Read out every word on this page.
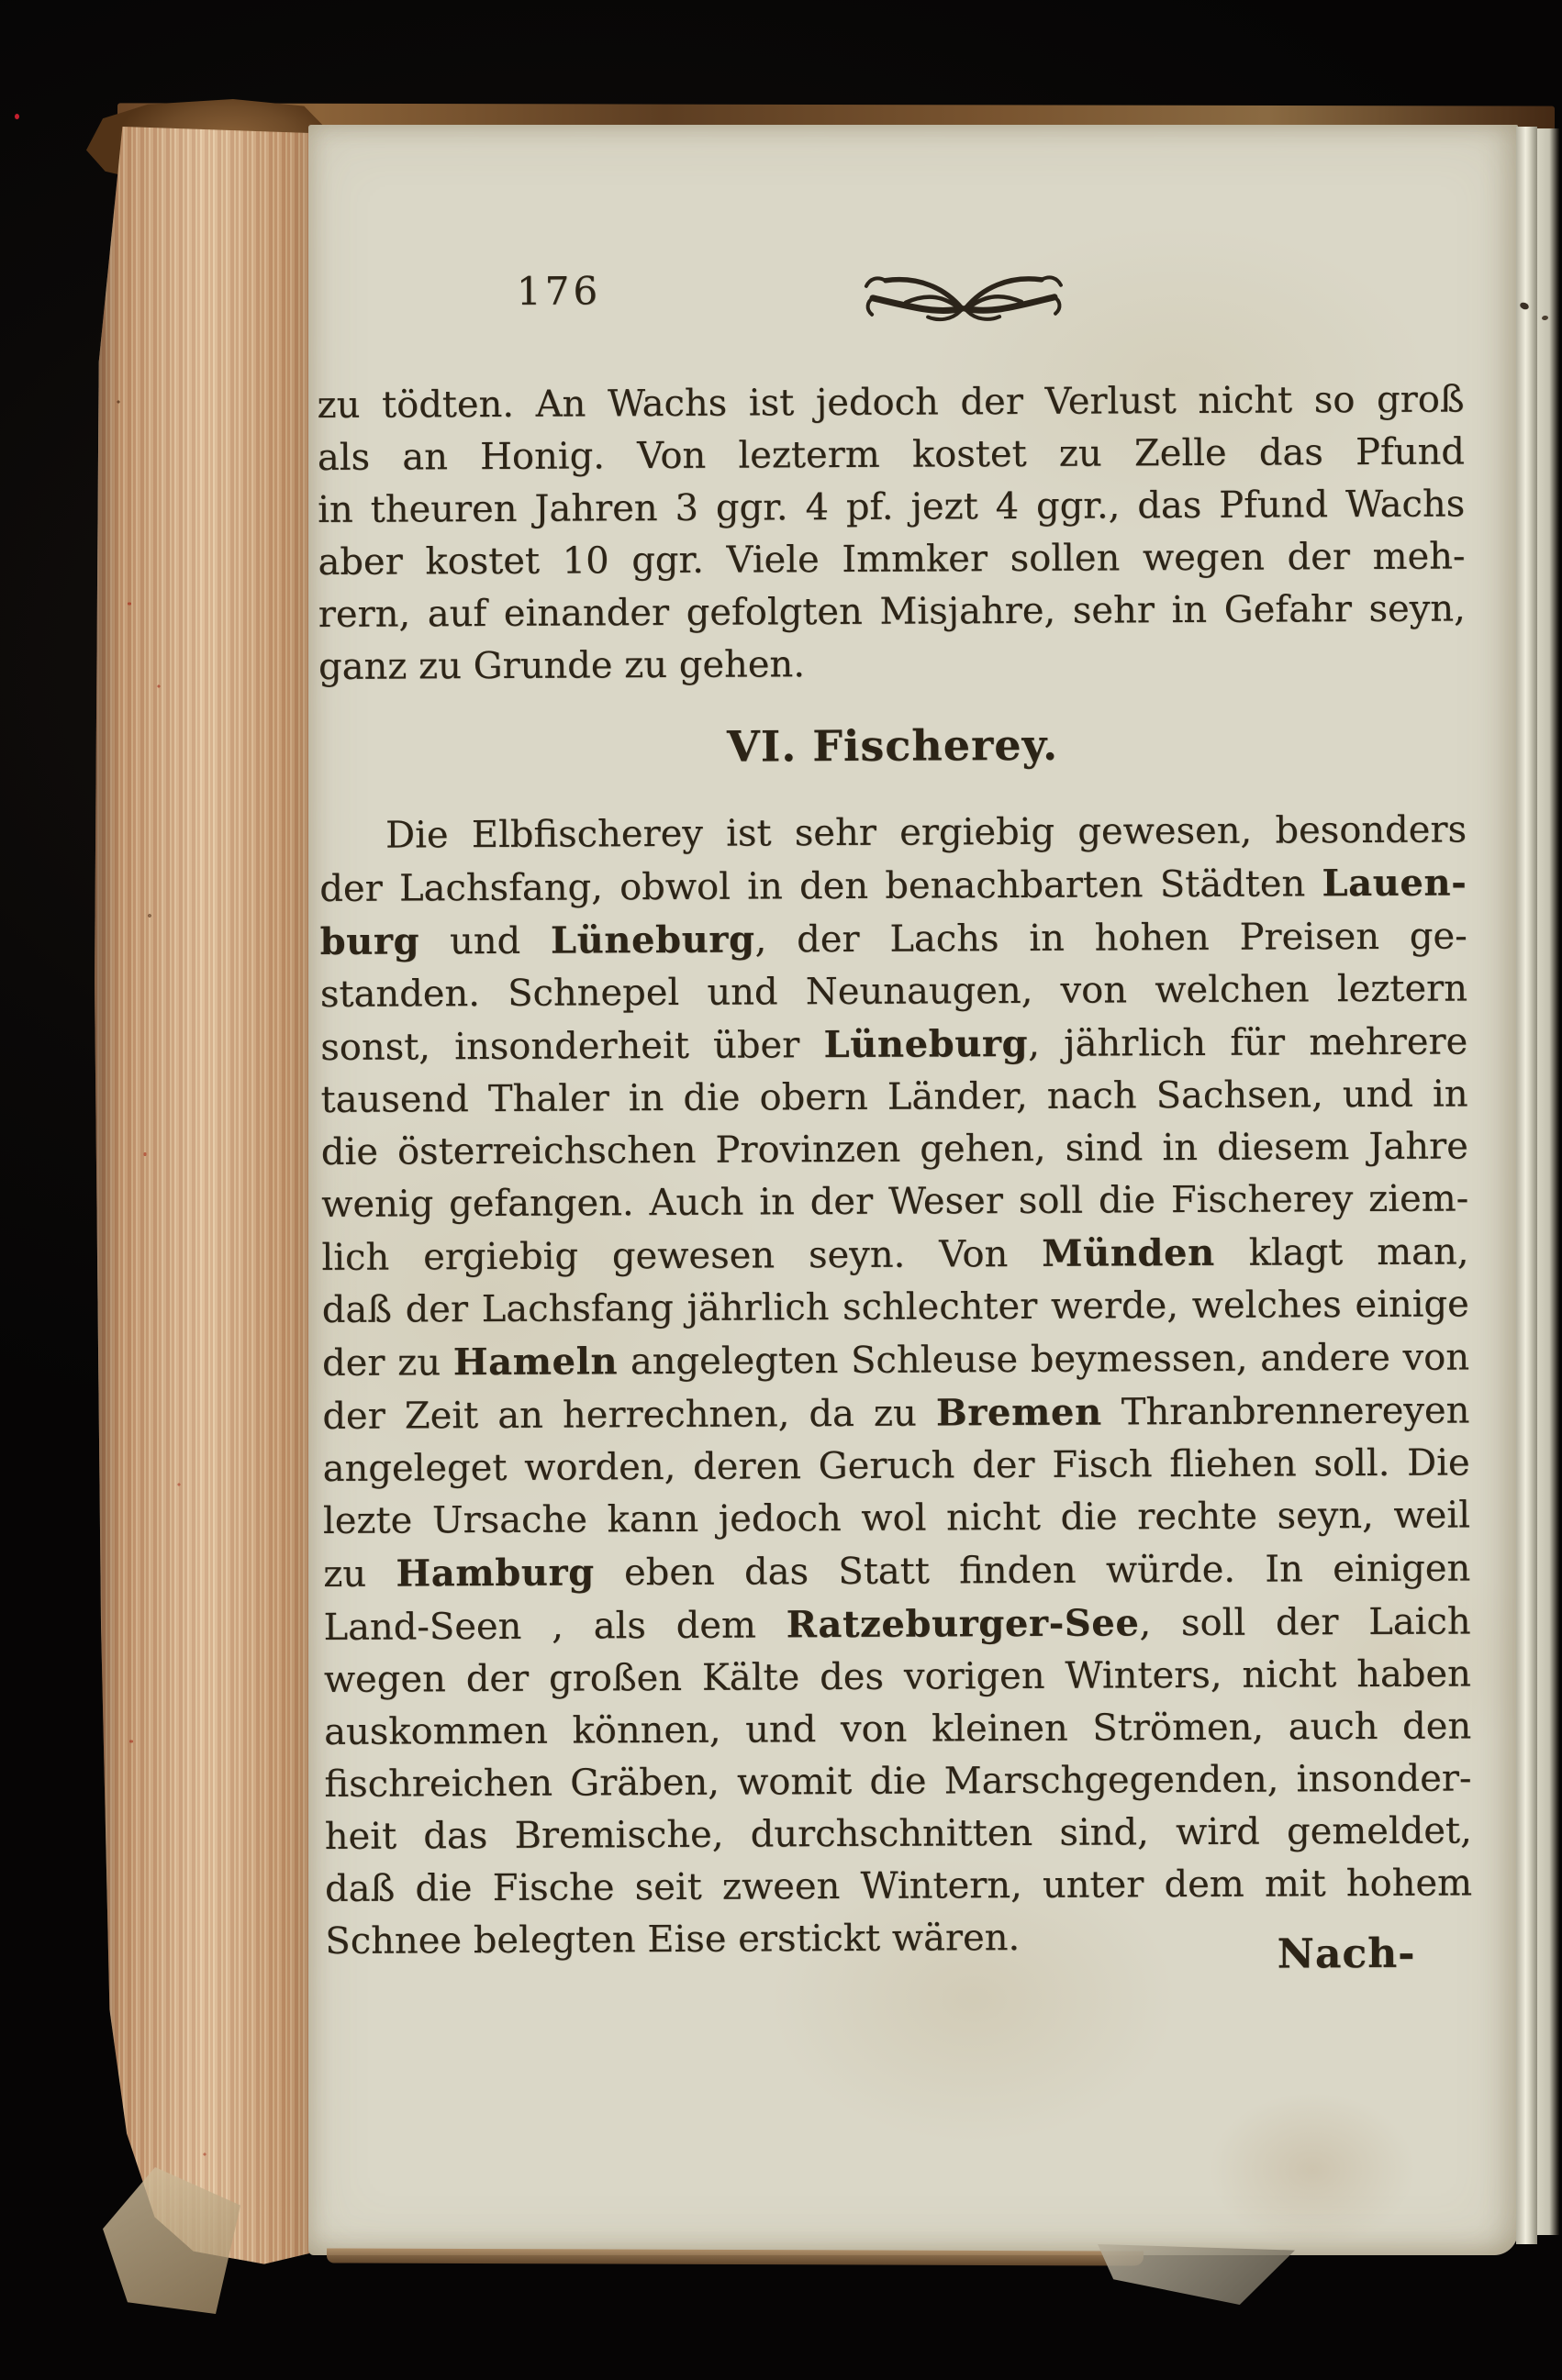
176
zu tödten. An Wachs ist jedoch der Verlust nicht so groß
als an Honig. Von lezterm kostet zu Zelle das Pfund
in theuren Jahren 3 ggr. 4 pf. jezt 4 ggr., das Pfund Wachs
aber kostet 10 ggr. Viele Immker sollen wegen der meh-
rern, auf einander gefolgten Misjahre, sehr in Gefahr seyn,
ganz zu Grunde zu gehen.
VI. Fischerey.
Die Elbfischerey ist sehr ergiebig gewesen, besonders
der Lachsfang, obwol in den benachbarten Städten Lauen-
burg und Lüneburg, der Lachs in hohen Preisen ge-
standen. Schnepel und Neunaugen, von welchen leztern
sonst, insonderheit über Lüneburg, jährlich für mehrere
tausend Thaler in die obern Länder, nach Sachsen, und in
die österreichschen Provinzen gehen, sind in diesem Jahre
wenig gefangen. Auch in der Weser soll die Fischerey ziem-
lich ergiebig gewesen seyn. Von Münden klagt man,
daß der Lachsfang jährlich schlechter werde, welches einige
der zu Hameln angelegten Schleuse beymessen, andere von
der Zeit an herrechnen, da zu Bremen Thranbrennereyen
angeleget worden, deren Geruch der Fisch fliehen soll. Die
lezte Ursache kann jedoch wol nicht die rechte seyn, weil
zu Hamburg eben das Statt finden würde. In einigen
Land-Seen , als dem Ratzeburger-See, soll der Laich
wegen der großen Kälte des vorigen Winters, nicht haben
auskommen können, und von kleinen Strömen, auch den
fischreichen Gräben, womit die Marschgegenden, insonder-
heit das Bremische, durchschnitten sind, wird gemeldet,
daß die Fische seit zween Wintern, unter dem mit hohem
Schnee belegten Eise erstickt wären.	Nach-
